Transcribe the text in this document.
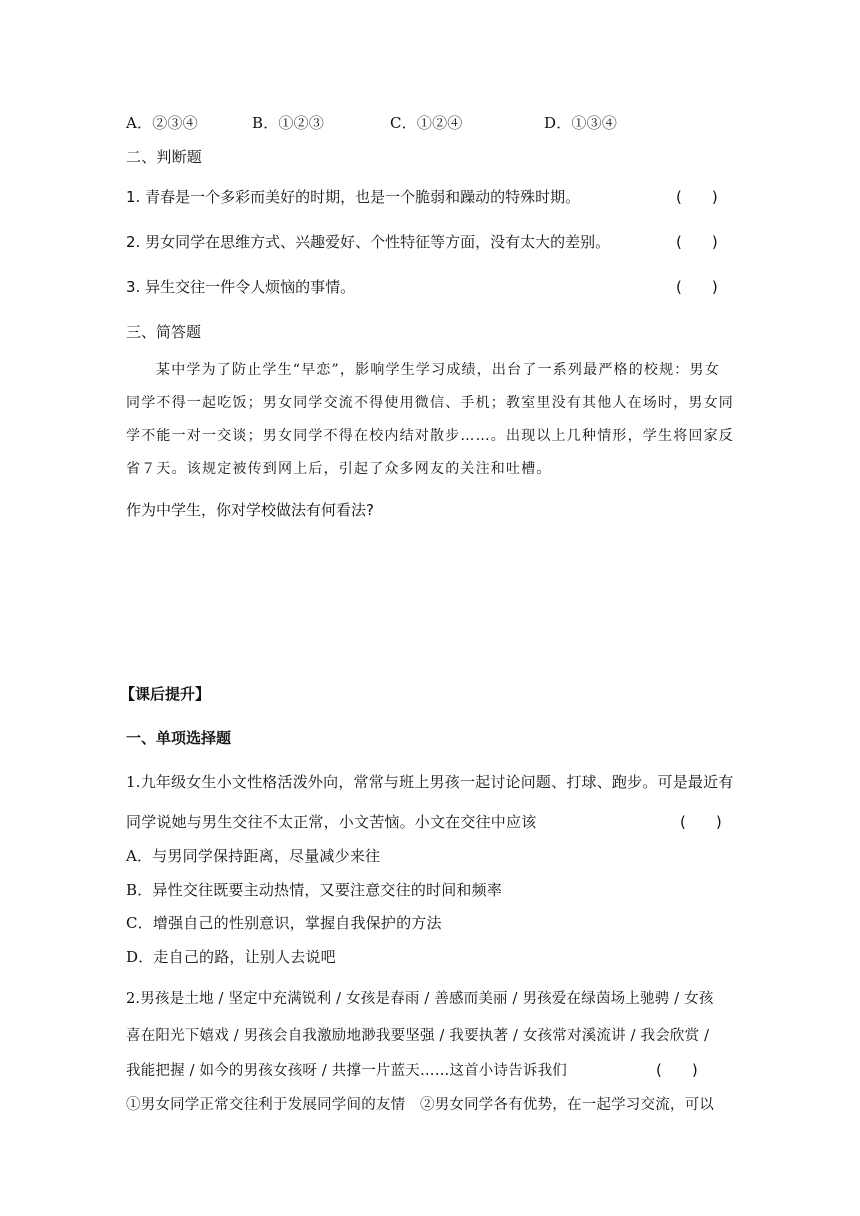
A．②③④	B．①②③	C．①②④	D．①③④
二、判断题
1. 青春是一个多彩而美好的时期，也是一个脆弱和躁动的特殊时期。	(　　)
2. 男女同学在思维方式、兴趣爱好、个性特征等方面，没有太大的差别。	(　　)
3. 异生交往一件令人烦恼的事情。	(　　)
三、简答题
某中学为了防止学生“早恋”，影响学生学习成绩，出台了一系列最严格的校规：男女
同学不得一起吃饭；男女同学交流不得使用微信、手机；教室里没有其他人在场时，男女同
学不能一对一交谈；男女同学不得在校内结对散步……。出现以上几种情形，学生将回家反
省７天。该规定被传到网上后，引起了众多网友的关注和吐槽。
作为中学生，你对学校做法有何看法?
【课后提升】
一、单项选择题
1.九年级女生小文性格活泼外向，常常与班上男孩一起讨论问题、打球、跑步。可是最近有
同学说她与男生交往不太正常，小文苦恼。小文在交往中应该	(　　)
A．与男同学保持距离，尽量减少来往
B．异性交往既要主动热情，又要注意交往的时间和频率
C．增强自己的性别意识，掌握自我保护的方法
D．走自己的路，让别人去说吧
2.男孩是土地 / 坚定中充满锐利 / 女孩是春雨 / 善感而美丽 / 男孩爱在绿茵场上驰骋 / 女孩
喜在阳光下嬉戏 / 男孩会自我激励地渺我要坚强 / 我要执著 / 女孩常对溪流讲 / 我会欣赏 /
我能把握 / 如今的男孩女孩呀 / 共撑一片蓝天……这首小诗告诉我们	(　　)
①男女同学正常交往利于发展同学间的友情　②男女同学各有优势，在一起学习交流，可以
